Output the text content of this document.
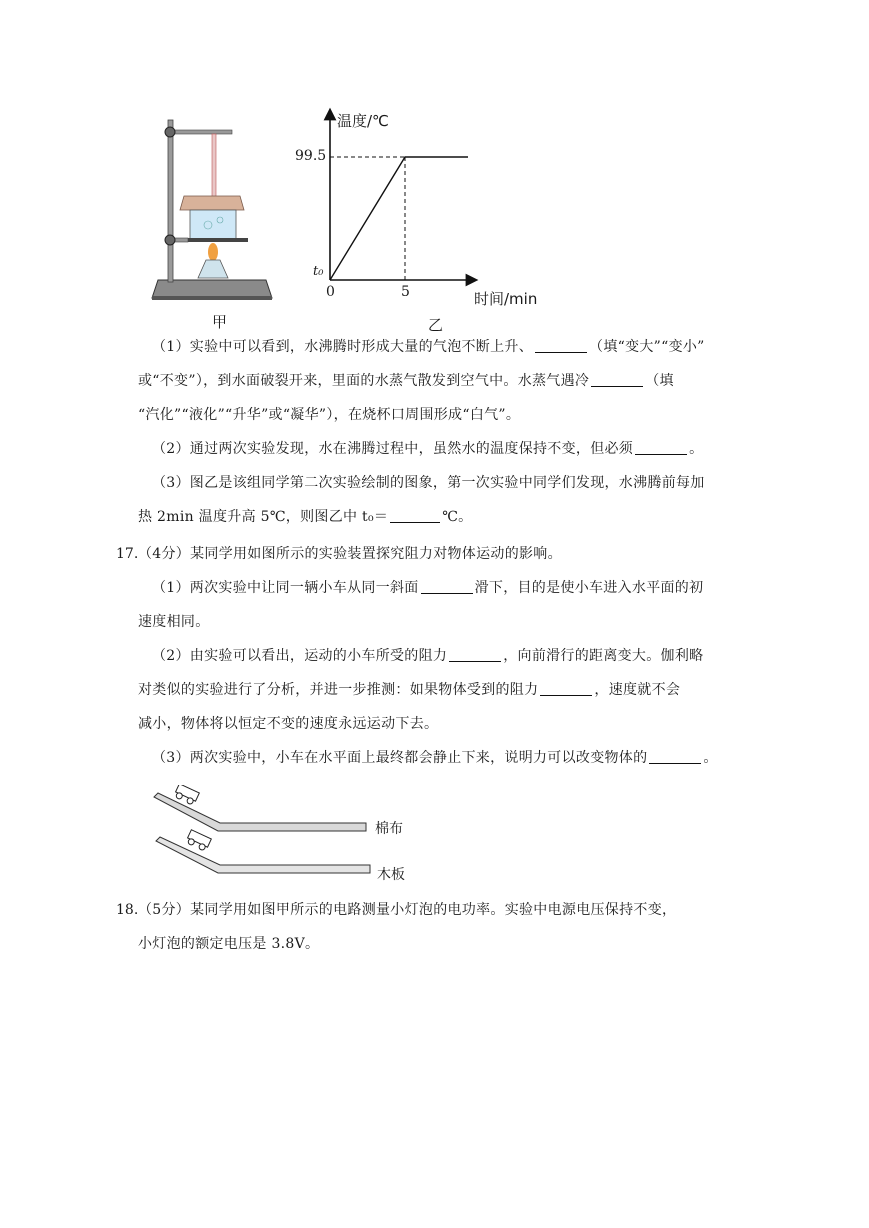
甲
温度/℃
99.5
t₀
0	5	时间/min
乙

（1）实验中可以看到，水沸腾时形成大量的气泡不断上升、	（填“变大”“变小”

或“不变”），到水面破裂开来，里面的水蒸气散发到空气中。水蒸气遇冷	（填

“汽化”“液化”“升华”或“凝华”），在烧杯口周围形成“白气”。

（2）通过两次实验发现，水在沸腾过程中，虽然水的温度保持不变，但必须	。

（3）图乙是该组同学第二次实验绘制的图象，第一次实验中同学们发现，水沸腾前每加

热 2min 温度升高 5℃，则图乙中 t₀＝	℃。

17. （4分）某同学用如图所示的实验装置探究阻力对物体运动的影响。

（1）两次实验中让同一辆小车从同一斜面	滑下，目的是使小车进入水平面的初

速度相同。

（2）由实验可以看出，运动的小车所受的阻力	，向前滑行的距离变大。伽利略

对类似的实验进行了分析，并进一步推测：如果物体受到的阻力	，速度就不会

减小，物体将以恒定不变的速度永远运动下去。

（3）两次实验中，小车在水平面上最终都会静止下来，说明力可以改变物体的	。

棉布
木板
18. （5分）某同学用如图甲所示的电路测量小灯泡的电功率。实验中电源电压保持不变，

小灯泡的额定电压是 3.8V。
